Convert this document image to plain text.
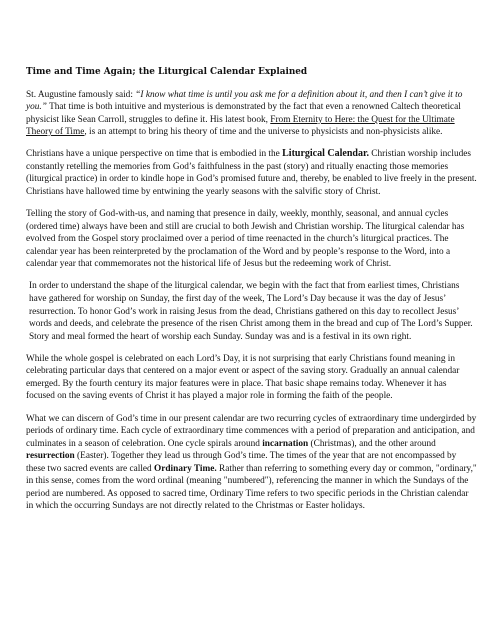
Time and Time Again; the Liturgical Calendar Explained

St. Augustine famously said: “I know what time is until you ask me for a definition about it, and then I can’t give it to you.” That time is both intuitive and mysterious is demonstrated by the fact that even a renowned Caltech theoretical physicist like Sean Carroll, struggles to define it. His latest book, From Eternity to Here: the Quest for the Ultimate Theory of Time, is an attempt to bring his theory of time and the universe to physicists and non-physicists alike.

Christians have a unique perspective on time that is embodied in the Liturgical Calendar. Christian worship includes constantly retelling the memories from God’s faithfulness in the past (story) and ritually enacting those memories (liturgical practice) in order to kindle hope in God’s promised future and, thereby, be enabled to live freely in the present. Christians have hallowed time by entwining the yearly seasons with the salvific story of Christ.

Telling the story of God-with-us, and naming that presence in daily, weekly, monthly, seasonal, and annual cycles (ordered time) always have been and still are crucial to both Jewish and Christian worship. The liturgical calendar has evolved from the Gospel story proclaimed over a period of time reenacted in the church’s liturgical practices. The calendar year has been reinterpreted by the proclamation of the Word and by people’s response to the Word, into a calendar year that commemorates not the historical life of Jesus but the redeeming work of Christ.

In order to understand the shape of the liturgical calendar, we begin with the fact that from earliest times, Christians have gathered for worship on Sunday, the first day of the week, The Lord’s Day because it was the day of Jesus’ resurrection. To honor God’s work in raising Jesus from the dead, Christians gathered on this day to recollect Jesus’ words and deeds, and celebrate the presence of the risen Christ among them in the bread and cup of The Lord’s Supper. Story and meal formed the heart of worship each Sunday. Sunday was and is a festival in its own right.

While the whole gospel is celebrated on each Lord’s Day, it is not surprising that early Christians found meaning in celebrating particular days that centered on a major event or aspect of the saving story. Gradually an annual calendar emerged. By the fourth century its major features were in place. That basic shape remains today. Whenever it has focused on the saving events of Christ it has played a major role in forming the faith of the people.

What we can discern of God’s time in our present calendar are two recurring cycles of extraordinary time undergirded by periods of ordinary time. Each cycle of extraordinary time commences with a period of preparation and anticipation, and culminates in a season of celebration. One cycle spirals around incarnation (Christmas), and the other around resurrection (Easter). Together they lead us through God’s time. The times of the year that are not encompassed by these two sacred events are called Ordinary Time. Rather than referring to something every day or common, "ordinary," in this sense, comes from the word ordinal (meaning "numbered"), referencing the manner in which the Sundays of the period are numbered. As opposed to sacred time, Ordinary Time refers to two specific periods in the Christian calendar in which the occurring Sundays are not directly related to the Christmas or Easter holidays.
